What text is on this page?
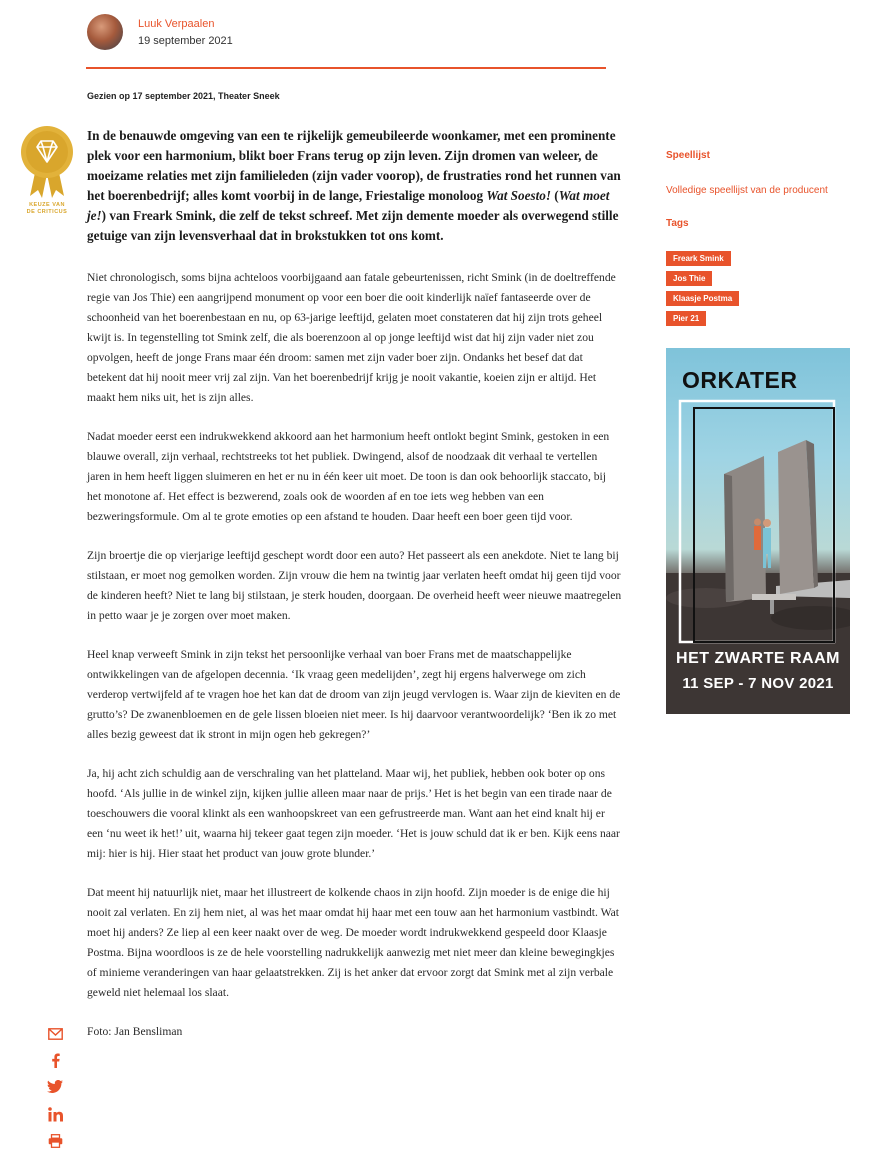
Luuk Verpaalen
19 september 2021
Gezien op 17 september 2021, Theater Sneek
KEUZE VAN
DE CRITICUS

In de benauwde omgeving van een te rijkelijk gemeubileerde woonkamer, met een prominente plek voor een harmonium, blikt boer Frans terug op zijn leven. Zijn dromen van weleer, de moeizame relaties met zijn familieleden (zijn vader voorop), de frustraties rond het runnen van het boerenbedrijf; alles komt voorbij in de lange, Friestalige monoloog Wat Soesto! (Wat moet je!) van Freark Smink, die zelf de tekst schreef. Met zijn demente moeder als overwegend stille getuige van zijn levensverhaal dat in brokstukken tot ons komt.

Niet chronologisch, soms bijna achteloos voorbijgaand aan fatale gebeurtenissen, richt Smink (in de doeltreffende regie van Jos Thie) een aangrijpend monument op voor een boer die ooit kinderlijk naïef fantaseerde over de schoonheid van het boerenbestaan en nu, op 63-jarige leeftijd, gelaten moet constateren dat hij zijn trots geheel kwijt is. In tegenstelling tot Smink zelf, die als boerenzoon al op jonge leeftijd wist dat hij zijn vader niet zou opvolgen, heeft de jonge Frans maar één droom: samen met zijn vader boer zijn. Ondanks het besef dat dat betekent dat hij nooit meer vrij zal zijn. Van het boerenbedrijf krijg je nooit vakantie, koeien zijn er altijd. Het maakt hem niks uit, het is zijn alles.

Nadat moeder eerst een indrukwekkend akkoord aan het harmonium heeft ontlokt begint Smink, gestoken in een blauwe overall, zijn verhaal, rechtstreeks tot het publiek. Dwingend, alsof de noodzaak dit verhaal te vertellen jaren in hem heeft liggen sluimeren en het er nu in één keer uit moet. De toon is dan ook behoorlijk staccato, bij het monotone af. Het effect is bezwerend, zoals ook de woorden af en toe iets weg hebben van een bezweringsformule. Om al te grote emoties op een afstand te houden. Daar heeft een boer geen tijd voor.

Zijn broertje die op vierjarige leeftijd geschept wordt door een auto? Het passeert als een anekdote. Niet te lang bij stilstaan, er moet nog gemolken worden. Zijn vrouw die hem na twintig jaar verlaten heeft omdat hij geen tijd voor de kinderen heeft? Niet te lang bij stilstaan, je sterk houden, doorgaan. De overheid heeft weer nieuwe maatregelen in petto waar je je zorgen over moet maken.

Heel knap verweeft Smink in zijn tekst het persoonlijke verhaal van boer Frans met de maatschappelijke ontwikkelingen van de afgelopen decennia. ‘Ik vraag geen medelijden’, zegt hij ergens halverwege om zich verderop vertwijfeld af te vragen hoe het kan dat de droom van zijn jeugd vervlogen is. Waar zijn de kieviten en de grutto’s? De zwanenbloemen en de gele lissen bloeien niet meer. Is hij daarvoor verantwoordelijk? ‘Ben ik zo met alles bezig geweest dat ik stront in mijn ogen heb gekregen?’

Ja, hij acht zich schuldig aan de verschraling van het platteland. Maar wij, het publiek, hebben ook boter op ons hoofd. ‘Als jullie in de winkel zijn, kijken jullie alleen maar naar de prijs.’ Het is het begin van een tirade naar de toeschouwers die vooral klinkt als een wanhoopskreet van een gefrustreerde man. Want aan het eind knalt hij er een ‘nu weet ik het!’ uit, waarna hij tekeer gaat tegen zijn moeder. ‘Het is jouw schuld dat ik er ben. Kijk eens naar mij: hier is hij. Hier staat het product van jouw grote blunder.’

Dat meent hij natuurlijk niet, maar het illustreert de kolkende chaos in zijn hoofd. Zijn moeder is de enige die hij nooit zal verlaten. En zij hem niet, al was het maar omdat hij haar met een touw aan het harmonium vastbindt. Wat moet hij anders? Ze liep al een keer naakt over de weg. De moeder wordt indrukwekkend gespeeld door Klaasje Postma. Bijna woordloos is ze de hele voorstelling nadrukkelijk aanwezig met niet meer dan kleine bewegingkjes of minieme veranderingen van haar gelaatstrekken. Zij is het anker dat ervoor zorgt dat Smink met al zijn verbale geweld niet helemaal los slaat.

Foto: Jan Bensliman

Speellijst
Volledige speellijst van de producent
Tags
Freark Smink
Jos Thie
Klaasje Postma
Pier 21
ORKATER
HET ZWARTE RAAM
11 SEP - 7 NOV 2021
